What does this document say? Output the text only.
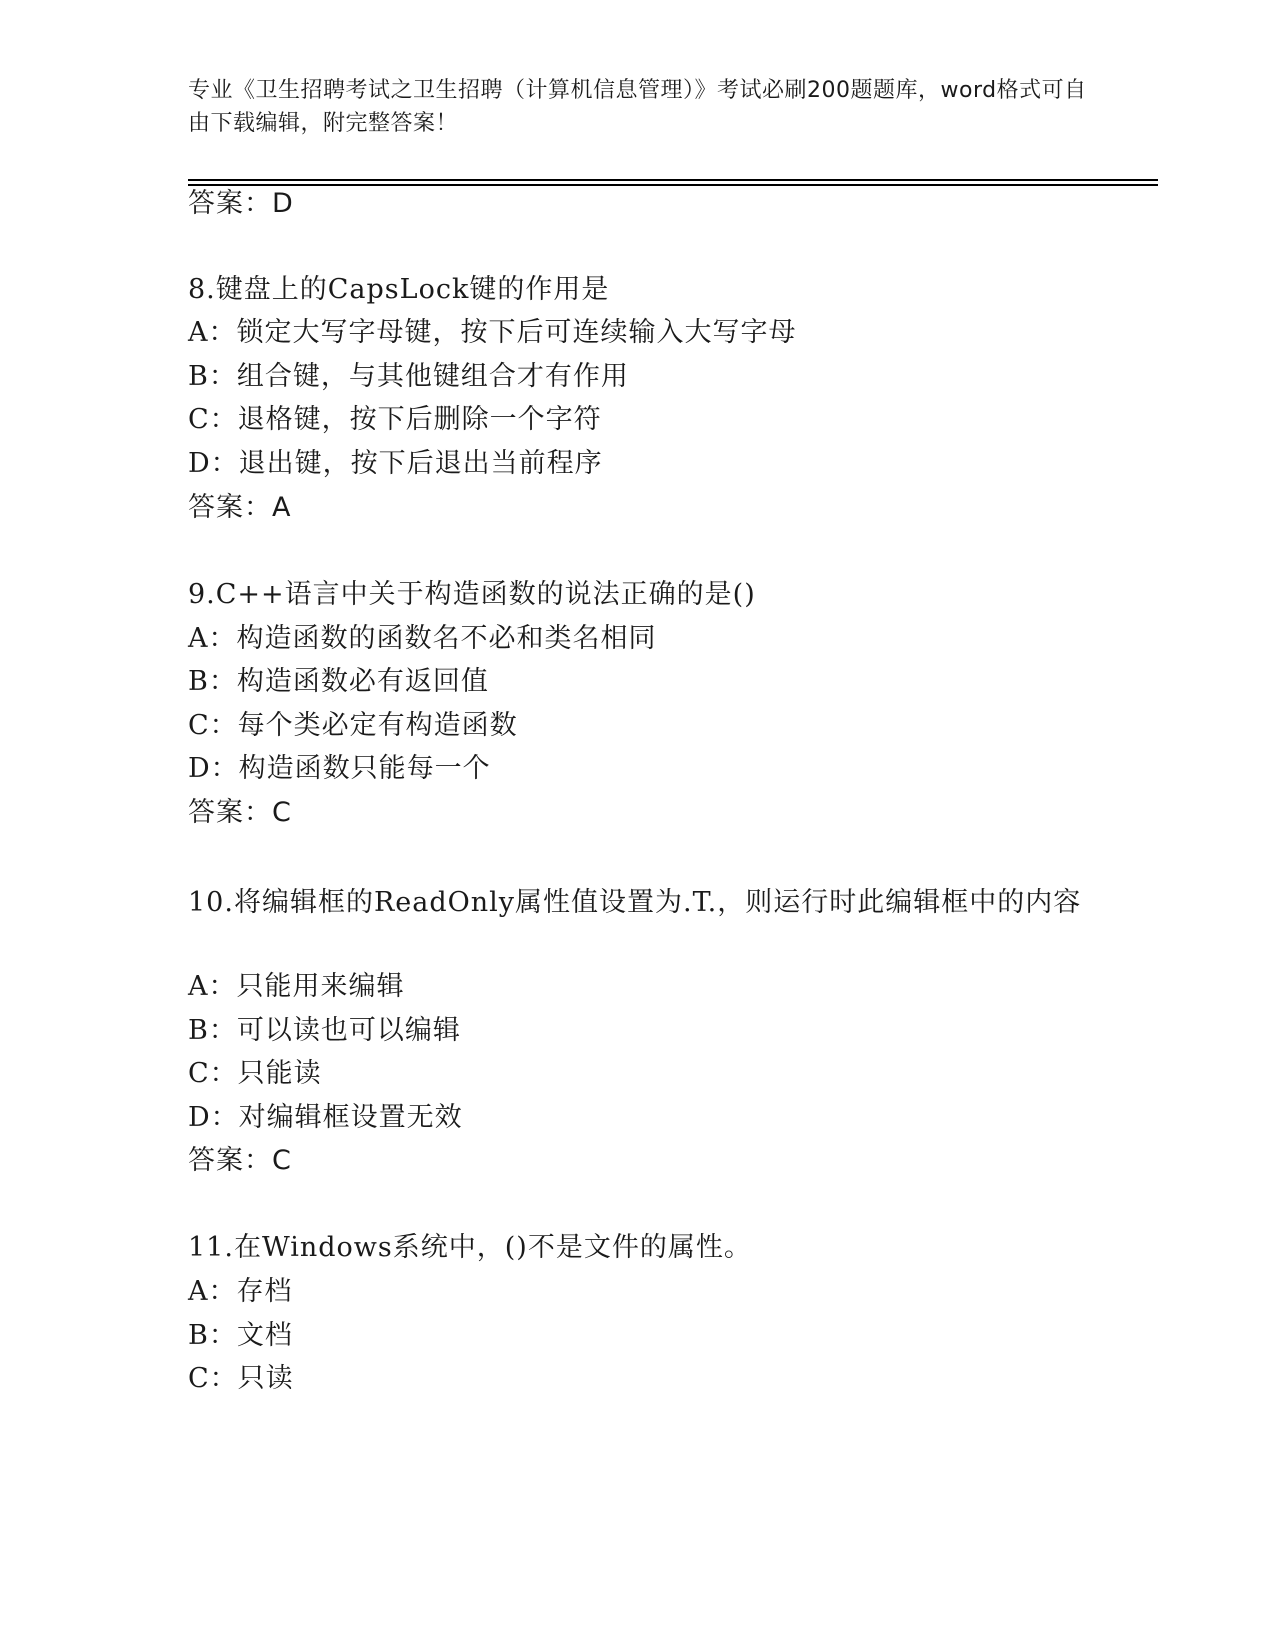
专业《卫生招聘考试之卫生招聘（计算机信息管理）》考试必刷200题题库，word格式可自由下载编辑，附完整答案！
答案：D
8.键盘上的CapsLock键的作用是
A：锁定大写字母键，按下后可连续输入大写字母
B：组合键，与其他键组合才有作用
C：退格键，按下后删除一个字符
D：退出键，按下后退出当前程序
答案：A
9.C++语言中关于构造函数的说法正确的是()
A：构造函数的函数名不必和类名相同
B：构造函数必有返回值
C：每个类必定有构造函数
D：构造函数只能每一个
答案：C
10.将编辑框的ReadOnly属性值设置为.T.，则运行时此编辑框中的内容
A：只能用来编辑
B：可以读也可以编辑
C：只能读
D：对编辑框设置无效
答案：C
11.在Windows系统中，()不是文件的属性。
A：存档
B：文档
C：只读
